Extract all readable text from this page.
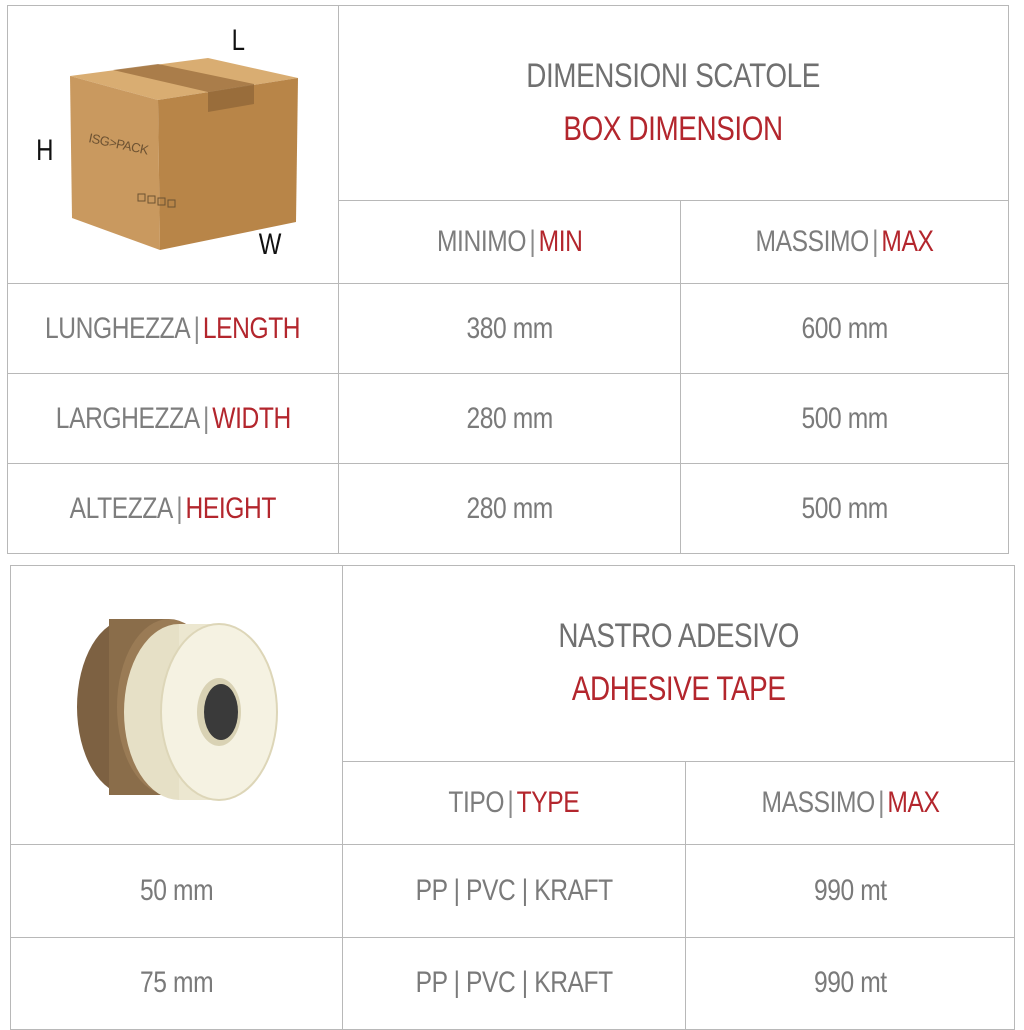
L
H
W
ISG>PACK	DIMENSIONI SCATOLE
BOX DIMENSION	

	MINIMO | MIN	MASSIMO | MAX
LUNGHEZZA | LENGTH	380 mm	600 mm
LARGHEZZA | WIDTH	280 mm	500 mm
ALTEZZA | HEIGHT	280 mm	500 mm

NASTRO ADESIVO
ADHESIVE TAPE	

	TIPO | TYPE	MASSIMO | MAX
50 mm	PP | PVC | KRAFT	990 mt
75 mm	PP | PVC | KRAFT	990 mt
